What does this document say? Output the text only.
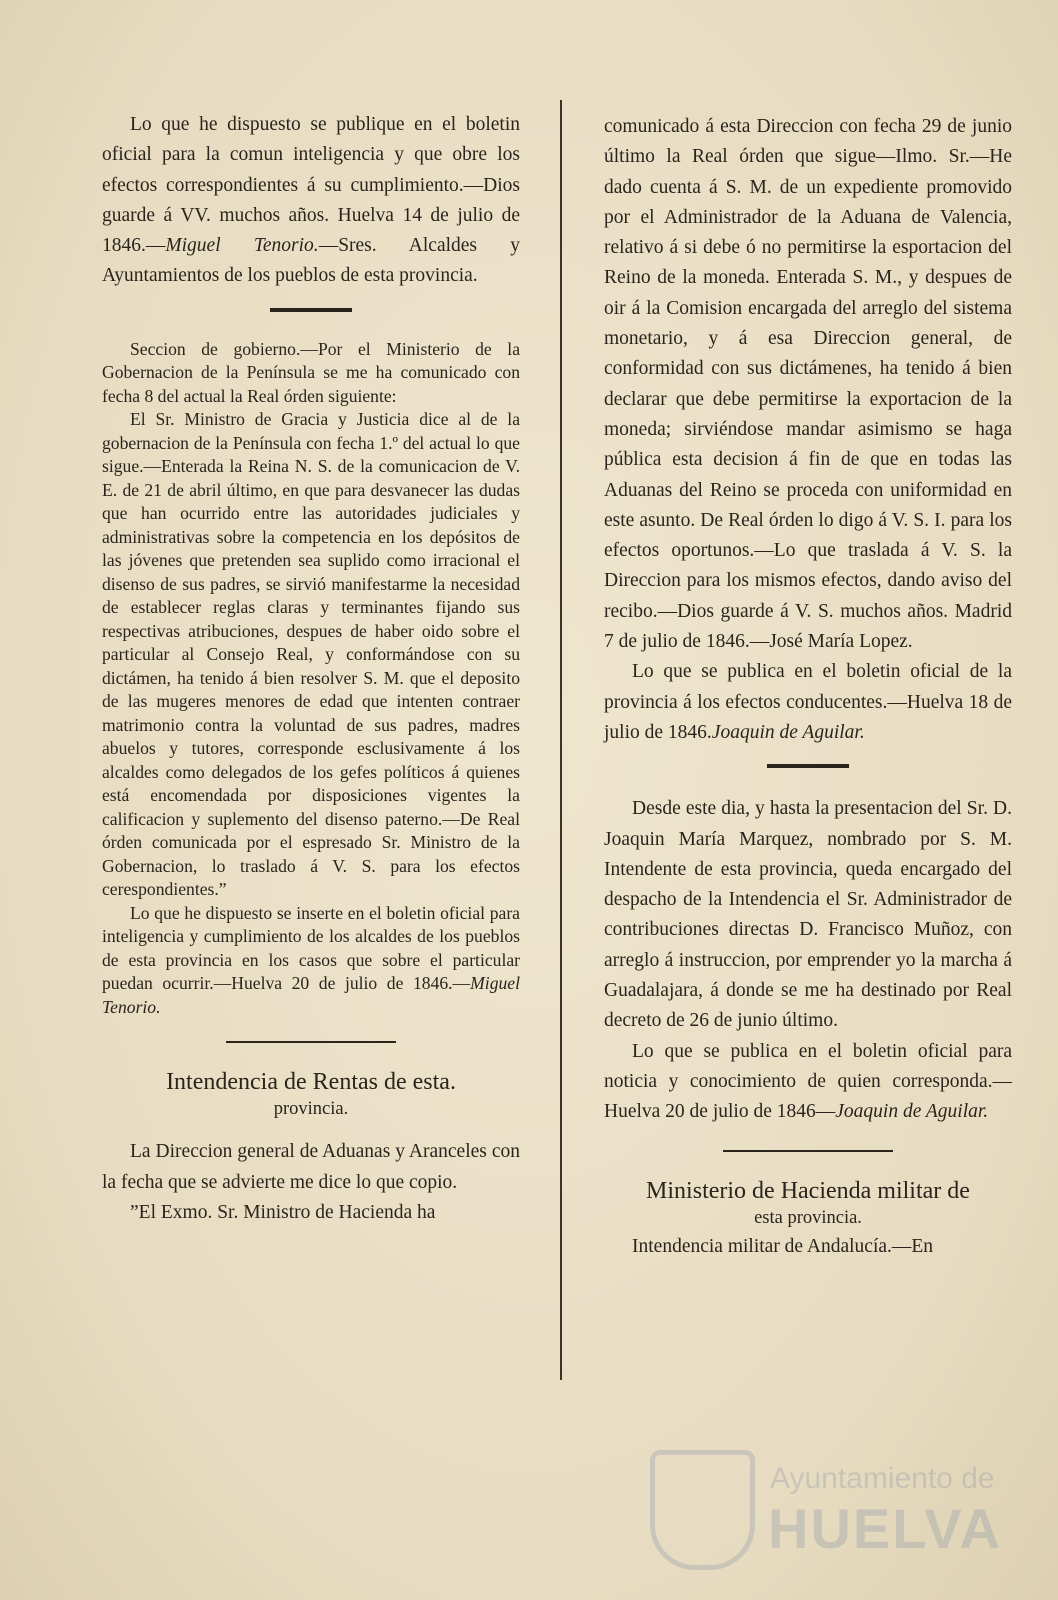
Lo que he dispuesto se publique en el boletin oficial para la comun inteligencia y que obre los efectos correspondientes á su cumplimiento.—Dios guarde á VV. muchos años. Huelva 14 de julio de 1846.—Miguel Tenorio.—Sres. Alcaldes y Ayuntamientos de los pueblos de esta provincia.

Seccion de gobierno.—Por el Ministerio de la Gobernacion de la Península se me ha comunicado con fecha 8 del actual la Real órden siguiente:

El Sr. Ministro de Gracia y Justicia dice al de la gobernacion de la Península con fecha 1.º del actual lo que sigue.—Enterada la Reina N. S. de la comunicacion de V. E. de 21 de abril último, en que para desvanecer las dudas que han ocurrido entre las autoridades judiciales y administrativas sobre la competencia en los depósitos de las jóvenes que pretenden sea suplido como irracional el disenso de sus padres, se sirvió manifestarme la necesidad de establecer reglas claras y terminantes fijando sus respectivas atribuciones, despues de haber oido sobre el particular al Consejo Real, y conformándose con su dictámen, ha tenido á bien resolver S. M. que el deposito de las mugeres menores de edad que intenten contraer matrimonio contra la voluntad de sus padres, madres abuelos y tutores, corresponde esclusivamente á los alcaldes como delegados de los gefes políticos á quienes está encomendada por disposiciones vigentes la calificacion y suplemento del disenso paterno.—De Real órden comunicada por el espresado Sr. Ministro de la Gobernacion, lo traslado á V. S. para los efectos cerespondientes.”

Lo que he dispuesto se inserte en el boletin oficial para inteligencia y cumplimiento de los alcaldes de los pueblos de esta provincia en los casos que sobre el particular puedan ocurrir.—Huelva 20 de julio de 1846.—Miguel Tenorio.

Intendencia de Rentas de esta.

provincia.

La Direccion general de Aduanas y Aranceles con la fecha que se advierte me dice lo que copio.

”El Exmo. Sr. Ministro de Hacienda ha

comunicado á esta Direccion con fecha 29 de junio último la Real órden que sigue—Ilmo. Sr.—He dado cuenta á S. M. de un expediente promovido por el Administrador de la Aduana de Valencia, relativo á si debe ó no permitirse la esportacion del Reino de la moneda. Enterada S. M., y despues de oir á la Comision encargada del arreglo del sistema monetario, y á esa Direccion general, de conformidad con sus dictámenes, ha tenido á bien declarar que debe permitirse la exportacion de la moneda; sirviéndose mandar asimismo se haga pública esta decision á fin de que en todas las Aduanas del Reino se proceda con uniformidad en este asunto. De Real órden lo digo á V. S. I. para los efectos oportunos.—Lo que traslada á V. S. la Direccion para los mismos efectos, dando aviso del recibo.—Dios guarde á V. S. muchos años. Madrid 7 de julio de 1846.—José María Lopez.

Lo que se publica en el boletin oficial de la provincia á los efectos conducentes.—Huelva 18 de julio de 1846.Joaquin de Aguilar.

Desde este dia, y hasta la presentacion del Sr. D. Joaquin María Marquez, nombrado por S. M. Intendente de esta provincia, queda encargado del despacho de la Intendencia el Sr. Administrador de contribuciones directas D. Francisco Muñoz, con arreglo á instruccion, por emprender yo la marcha á Guadalajara, á donde se me ha destinado por Real decreto de 26 de junio último.

Lo que se publica en el boletin oficial para noticia y conocimiento de quien corresponda.—Huelva 20 de julio de 1846—Joaquin de Aguilar.

Ministerio de Hacienda militar de

esta provincia.

Intendencia militar de Andalucía.—En

Ayuntamiento de
HUELVA
